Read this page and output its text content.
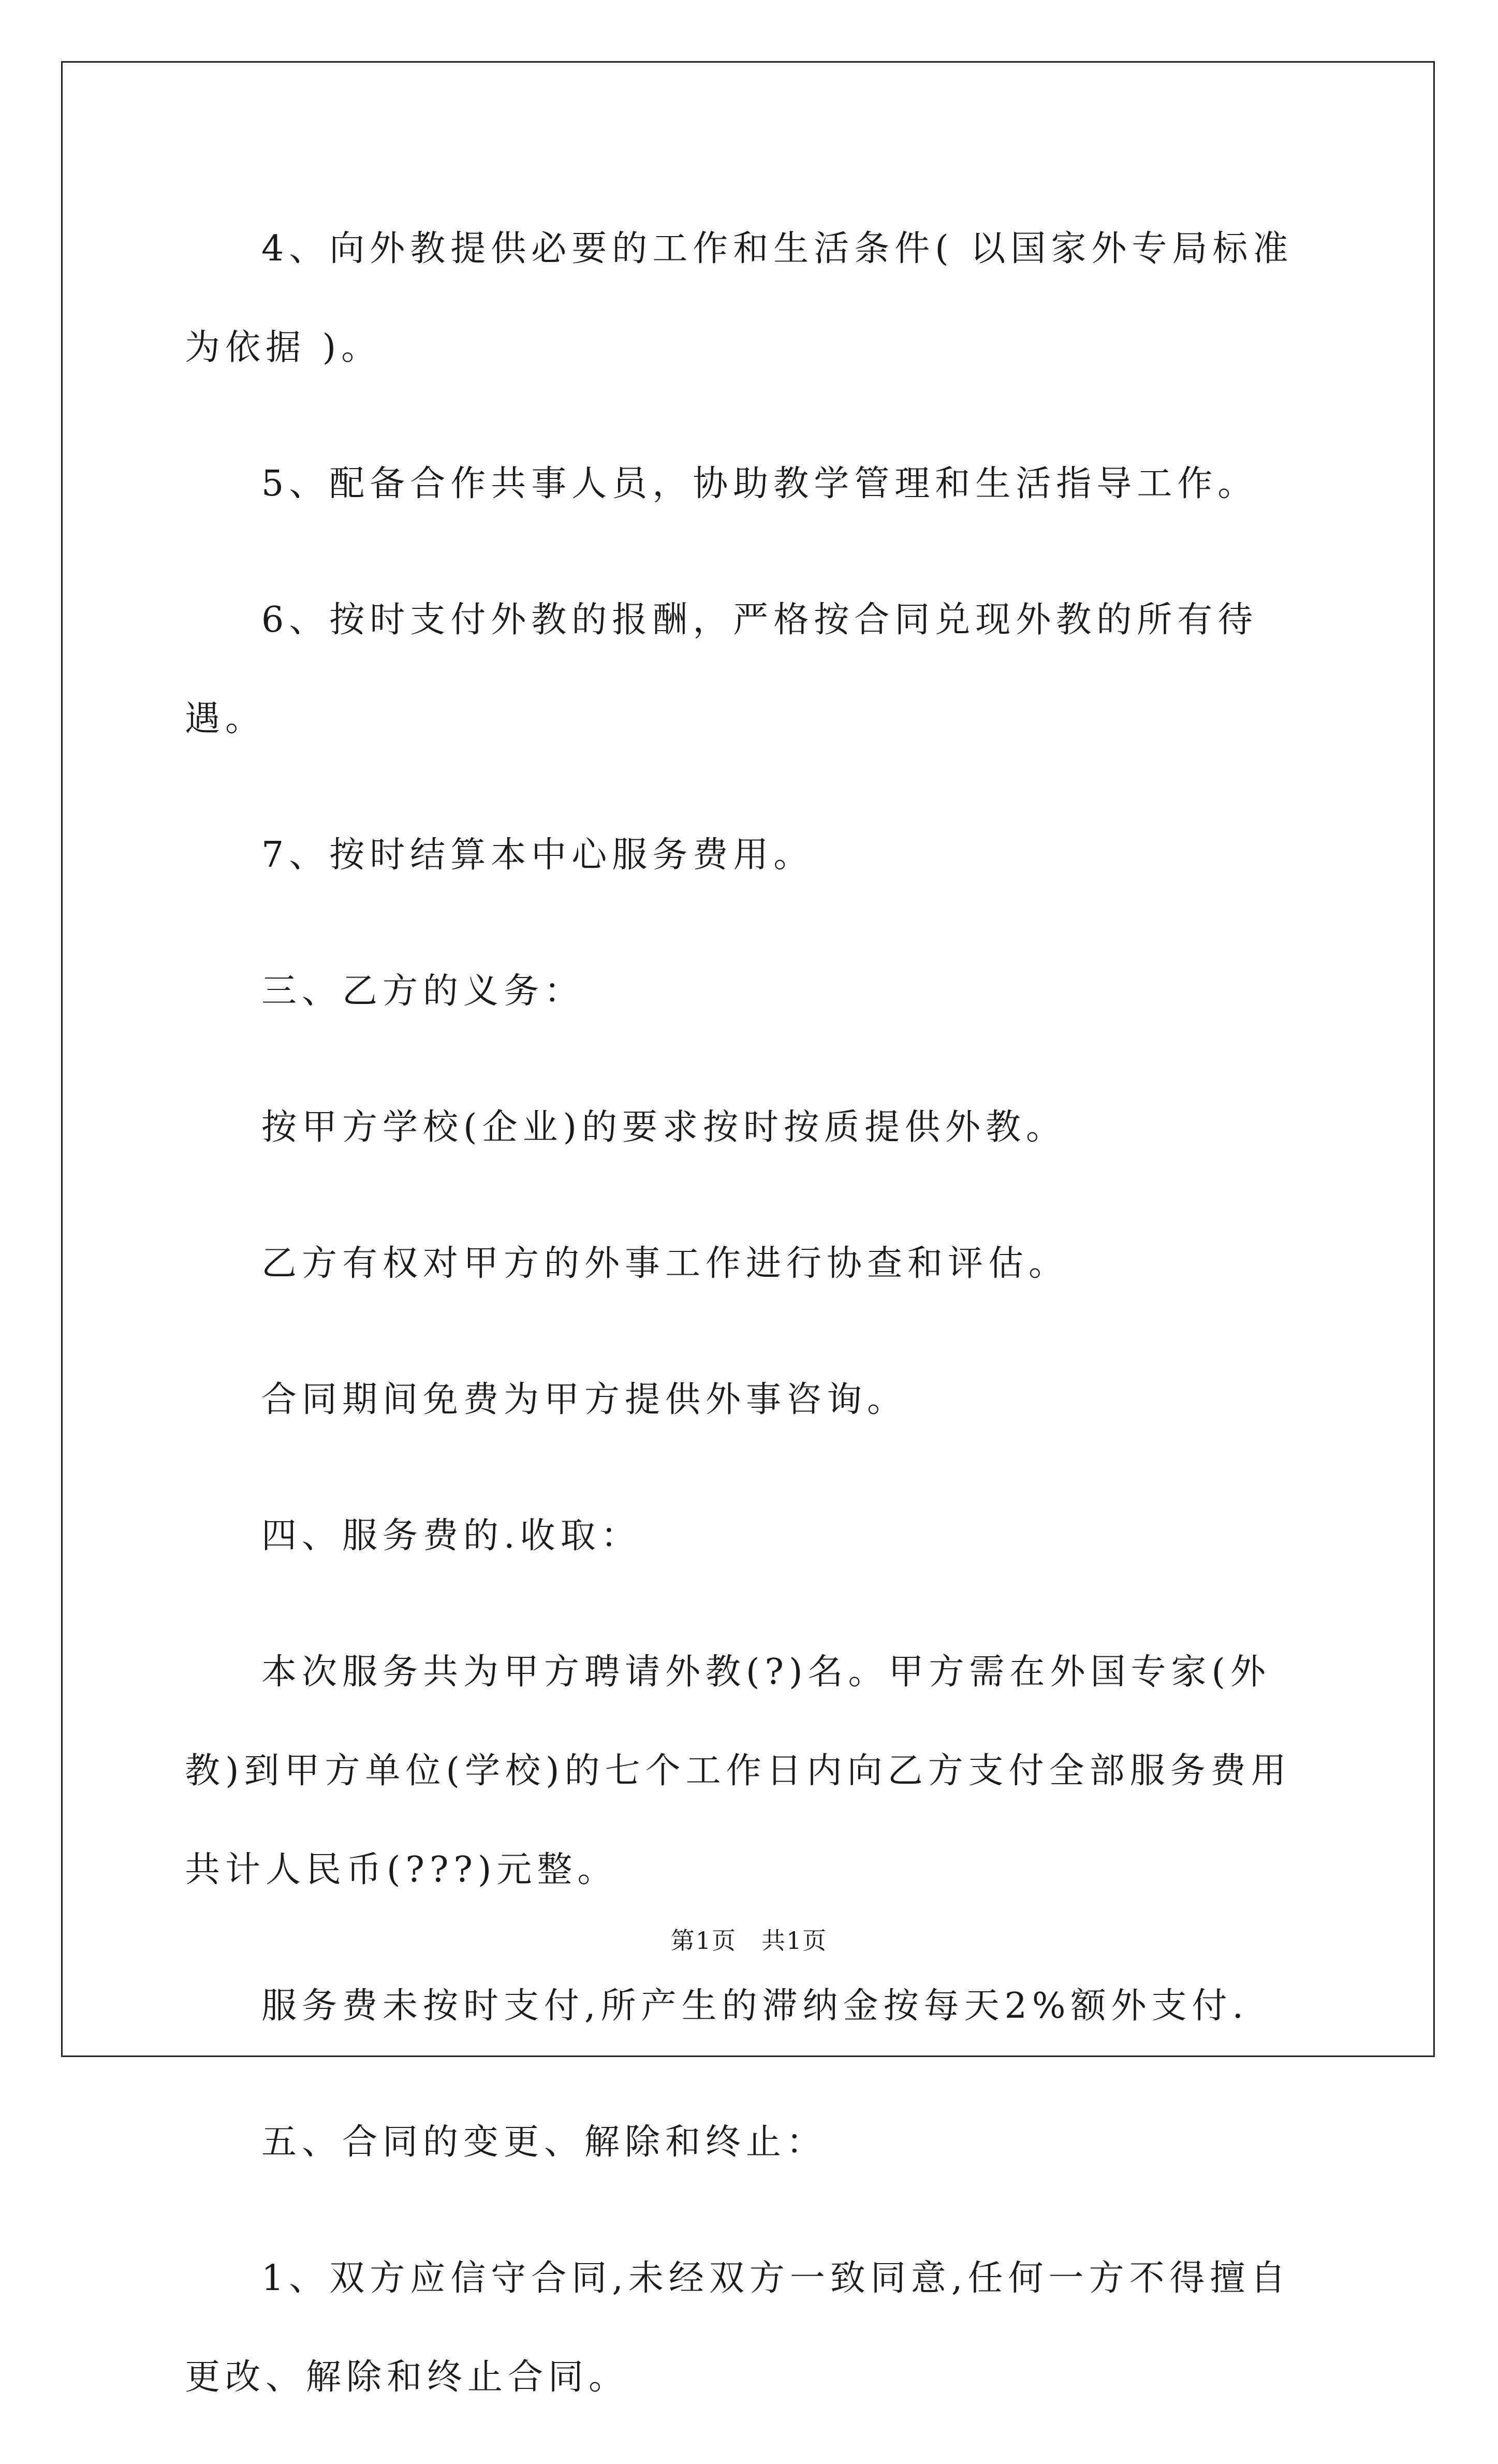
4、向外教提供必要的工作和生活条件( 以国家外专局标准为依据 )。

5、配备合作共事人员，协助教学管理和生活指导工作。

6、按时支付外教的报酬，严格按合同兑现外教的所有待遇。

7、按时结算本中心服务费用。

三、乙方的义务：

按甲方学校(企业)的要求按时按质提供外教。

乙方有权对甲方的外事工作进行协查和评估。

合同期间免费为甲方提供外事咨询。

四、服务费的.收取：

本次服务共为甲方聘请外教(?)名。甲方需在外国专家(外教)到甲方单位(学校)的七个工作日内向乙方支付全部服务费用共计人民币(???)元整。

服务费未按时支付,所产生的滞纳金按每天2%额外支付.

五、合同的变更、解除和终止：

1、双方应信守合同,未经双方一致同意,任何一方不得擅自更改、解除和终止合同。

第1页　共1页
